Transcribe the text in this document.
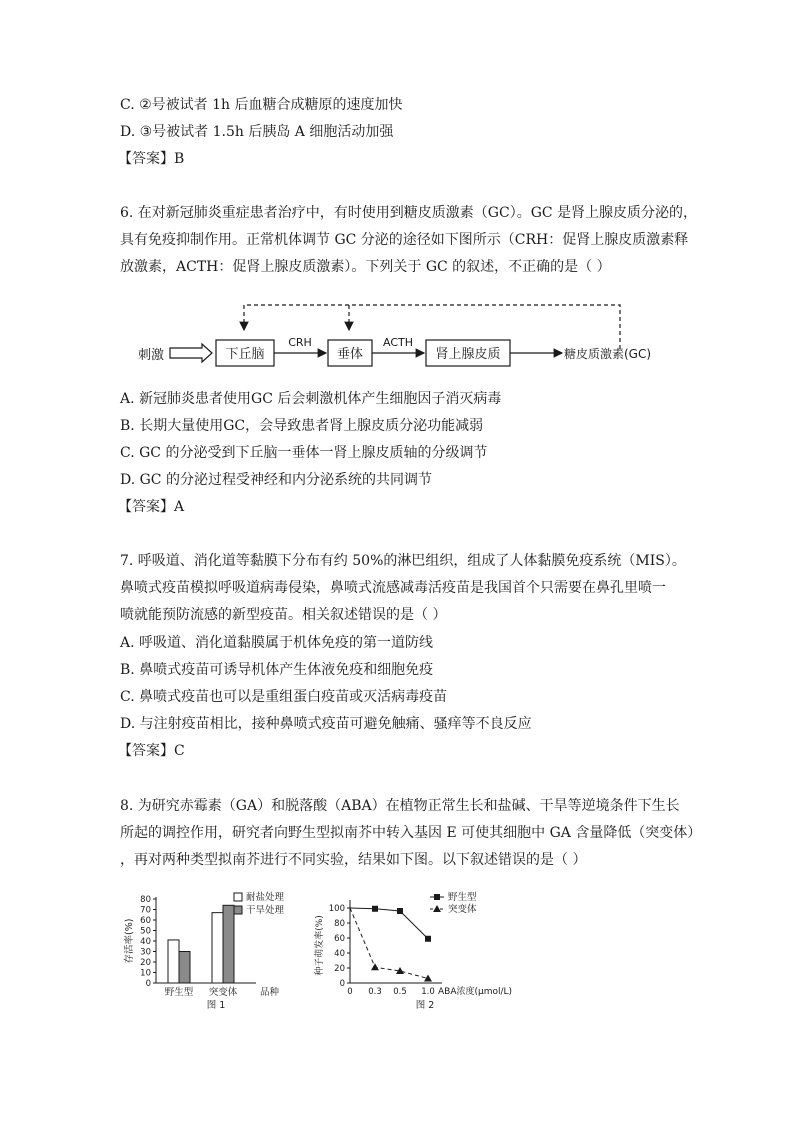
C. ②号被试者 1h 后血糖合成糖原的速度加快
D. ③号被试者 1.5h 后胰岛 A 细胞活动加强
【答案】B
6. 在对新冠肺炎重症患者治疗中，有时使用到糖皮质激素（GC）。GC 是肾上腺皮质分泌的，
具有免疫抑制作用。正常机体调节 GC 分泌的途径如下图所示（CRH：促肾上腺皮质激素释
放激素，ACTH：促肾上腺皮质激素）。下列关于 GC 的叙述，不正确的是（ ）
刺激	下丘脑
CRH
垂体
ACTH
肾上腺皮质	糖皮质激素(GC)
A. 新冠肺炎患者使用GC 后会刺激机体产生细胞因子消灭病毒
B. 长期大量使用GC，会导致患者肾上腺皮质分泌功能减弱
C. GC 的分泌受到下丘脑一垂体一肾上腺皮质轴的分级调节
D. GC 的分泌过程受神经和内分泌系统的共同调节
【答案】A
7. 呼吸道、消化道等黏膜下分布有约 50%的淋巴组织，组成了人体黏膜免疫系统（MIS）。
鼻喷式疫苗模拟呼吸道病毒侵染，鼻喷式流感减毒活疫苗是我国首个只需要在鼻孔里喷一
喷就能预防流感的新型疫苗。相关叙述错误的是（ ）
A. 呼吸道、消化道黏膜属于机体免疫的第一道防线
B. 鼻喷式疫苗可诱导机体产生体液免疫和细胞免疫
C. 鼻喷式疫苗也可以是重组蛋白疫苗或灭活病毒疫苗
D. 与注射疫苗相比，接种鼻喷式疫苗可避免触痛、骚痒等不良反应
【答案】C
8. 为研究赤霉素（GA）和脱落酸（ABA）在植物正常生长和盐碱、干旱等逆境条件下生长
所起的调控作用，研究者向野生型拟南芥中转入基因 E 可使其细胞中 GA 含量降低（突变体）
，再对两种类型拟南芥进行不同实验，结果如下图。以下叙述错误的是（ ）
0
10
20
30
40
50
60
70
80
存活率(%)
野生型 突变体 品种
图 1
耐盐处理
干旱处理
0
20
40
60
80
100
种子萌发率(%)
0 0.3 0.5 1.0 ABA浓度(μmol/L)
图 2
野生型
突变体
